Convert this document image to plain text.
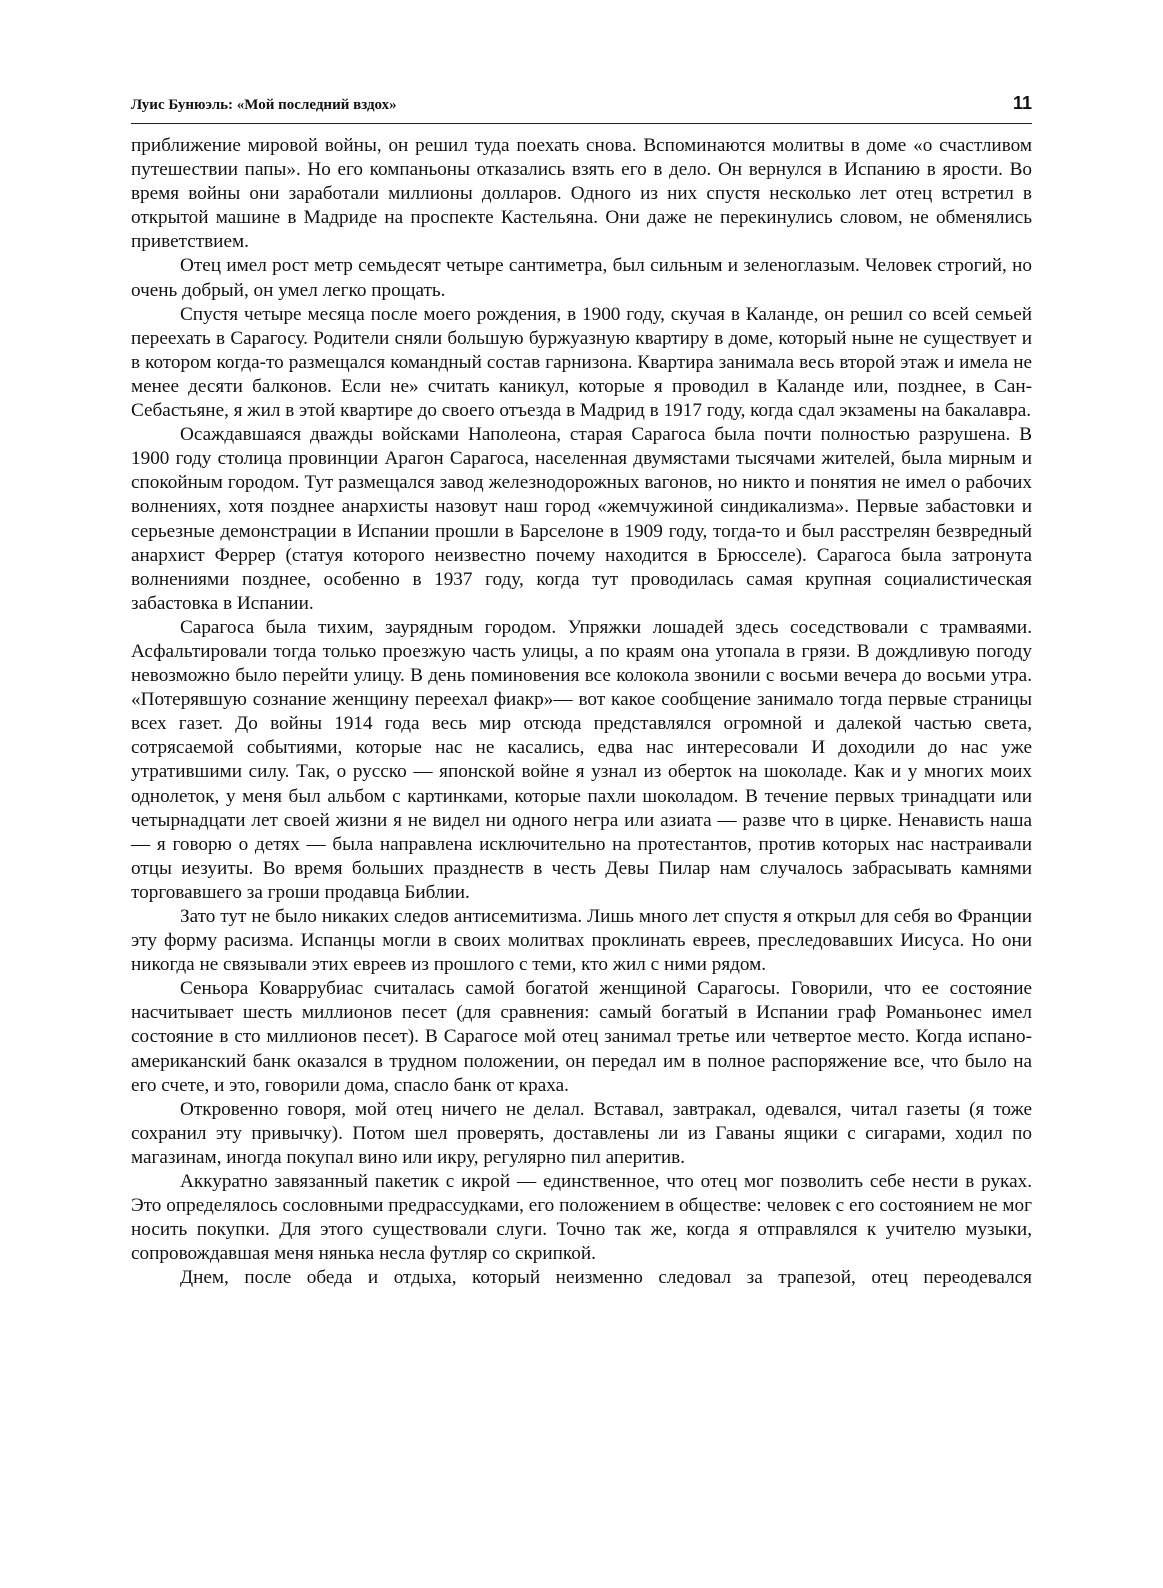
Луис Бунюэль: «Мой последний вздох»	11

приближение мировой войны, он решил туда поехать снова. Вспоминаются молитвы в доме «о счастливом путешествии папы». Но его компаньоны отказались взять его в дело. Он вернулся в Испанию в ярости. Во время войны они заработали миллионы долларов. Одного из них спустя несколько лет отец встретил в открытой машине в Мадриде на проспекте Кастельяна. Они даже не перекинулись словом, не обменялись приветствием.

Отец имел рост метр семьдесят четыре сантиметра, был сильным и зеленоглазым. Человек строгий, но очень добрый, он умел легко прощать.

Спустя четыре месяца после моего рождения, в 1900 году, скучая в Каланде, он решил со всей семьей переехать в Сарагосу. Родители сняли большую буржуазную квартиру в доме, который ныне не существует и в котором когда-то размещался командный состав гарнизона. Квартира занимала весь второй этаж и имела не менее десяти балконов. Если не» считать каникул, которые я проводил в Каланде или, позднее, в Сан-Себастьяне, я жил в этой квартире до своего отъезда в Мадрид в 1917 году, когда сдал экзамены на бакалавра.

Осаждавшаяся дважды войсками Наполеона, старая Сарагоса была почти полностью разрушена. В 1900 году столица провинции Арагон Сарагоса, населенная двумястами тысячами жителей, была мирным и спокойным городом. Тут размещался завод железнодорожных вагонов, но никто и понятия не имел о рабочих волнениях, хотя позднее анархисты назовут наш город «жемчужиной синдикализма». Первые забастовки и серьезные демонстрации в Испании прошли в Барселоне в 1909 году, тогда-то и был расстрелян безвредный анархист Феррер (статуя которого неизвестно почему находится в Брюсселе). Сарагоса была затронута волнениями позднее, особенно в 1937 году, когда тут проводилась самая крупная социалистическая забастовка в Испании.

Сарагоса была тихим, заурядным городом. Упряжки лошадей здесь соседствовали с трамваями. Асфальтировали тогда только проезжую часть улицы, а по краям она утопала в грязи. В дождливую погоду невозможно было перейти улицу. В день поминовения все колокола звонили с восьми вечера до восьми утра. «Потерявшую сознание женщину переехал фиакр»— вот какое сообщение занимало тогда первые страницы всех газет. До войны 1914 года весь мир отсюда представлялся огромной и далекой частью света, сотрясаемой событиями, которые нас не касались, едва нас интересовали И доходили до нас уже утратившими силу. Так, о русско — японской войне я узнал из оберток на шоколаде. Как и у многих моих однолеток, у меня был альбом с картинками, которые пахли шоколадом. В течение первых тринадцати или четырнадцати лет своей жизни я не видел ни одного негра или азиата — разве что в цирке. Ненависть наша — я говорю о детях — была направлена исключительно на протестантов, против которых нас настраивали отцы иезуиты. Во время больших празднеств в честь Девы Пилар нам случалось забрасывать камнями торговавшего за гроши продавца Библии.

Зато тут не было никаких следов антисемитизма. Лишь много лет спустя я открыл для себя во Франции эту форму расизма. Испанцы могли в своих молитвах проклинать евреев, преследовавших Иисуса. Но они никогда не связывали этих евреев из прошлого с теми, кто жил с ними рядом.

Сеньора Коваррубиас считалась самой богатой женщиной Сарагосы. Говорили, что ее состояние насчитывает шесть миллионов песет (для сравнения: самый богатый в Испании граф Романьонес имел состояние в сто миллионов песет). В Сарагосе мой отец занимал третье или четвертое место. Когда испано-американский банк оказался в трудном положении, он передал им в полное распоряжение все, что было на его счете, и это, говорили дома, спасло банк от краха.

Откровенно говоря, мой отец ничего не делал. Вставал, завтракал, одевался, читал газеты (я тоже сохранил эту привычку). Потом шел проверять, доставлены ли из Гаваны ящики с сигарами, ходил по магазинам, иногда покупал вино или икру, регулярно пил аперитив.

Аккуратно завязанный пакетик с икрой — единственное, что отец мог позволить себе нести в руках. Это определялось сословными предрассудками, его положением в обществе: человек с его состоянием не мог носить покупки. Для этого существовали слуги. Точно так же, когда я отправлялся к учителю музыки, сопровождавшая меня нянька несла футляр со скрипкой.

Днем, после обеда и отдыха, который неизменно следовал за трапезой, отец переодевался
